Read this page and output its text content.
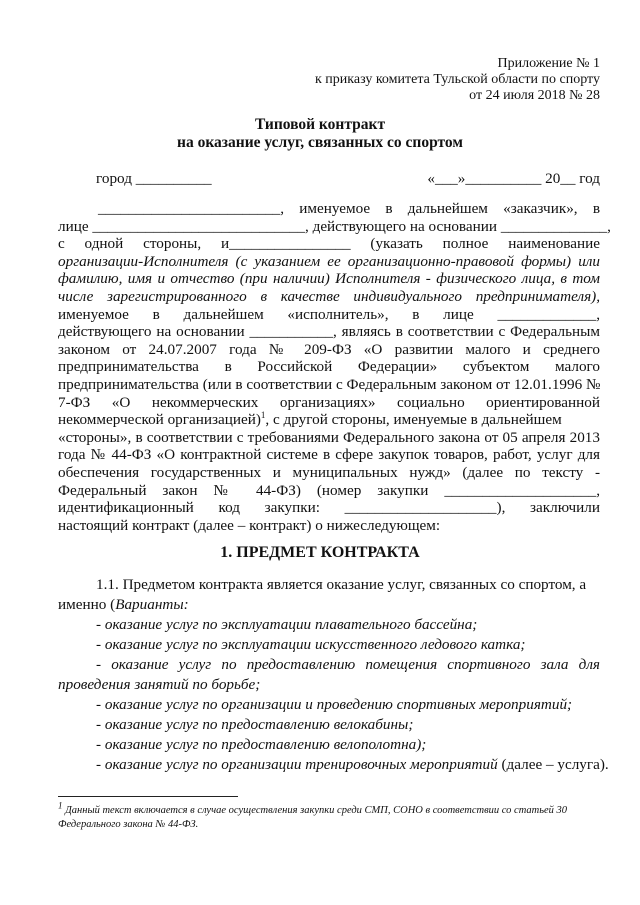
Приложение № 1
к приказу комитета Тульской области по спорту
от 24 июля 2018 № 28
Типовой контракт
на оказание услуг, связанных со спортом
город __________	«___»__________ 20__ год
________________________, именуемое в дальнейшем «заказчик», в
лице ____________________________, действующего на основании ______________,
с одной стороны, и________________ (указать полное наименование
организации-Исполнителя (с указанием ее организационно-правовой формы) или
фамилию, имя и отчество (при наличии) Исполнителя - физического лица, в том
числе зарегистрированного в качестве индивидуального предпринимателя),
именуемое в дальнейшем «исполнитель», в лице _____________,
действующего на основании ___________, являясь в соответствии с Федеральным
законом от 24.07.2007 года № 209-ФЗ «О развитии малого и среднего
предпринимательства в Российской Федерации» субъектом малого
предпринимательства (или в соответствии с Федеральным законом от 12.01.1996 №
7-ФЗ «О некоммерческих организациях» социально ориентированной
некоммерческой организацией)$^1$, с другой стороны, именуемые в дальнейшем
«стороны», в соответствии с требованиями Федерального закона от 05 апреля 2013
года № 44-ФЗ «О контрактной системе в сфере закупок товаров, работ, услуг для
обеспечения государственных и муниципальных нужд» (далее по тексту -
Федеральный закон № 44-ФЗ) (номер закупки ____________________,
идентификационный код закупки: ____________________), заключили
настоящий контракт (далее – контракт) о нижеследующем:
1. ПРЕДМЕТ КОНТРАКТА
1.1. Предметом контракта является оказание услуг, связанных со спортом, а
именно (Варианты:
- оказание услуг по эксплуатации плавательного бассейна;
- оказание услуг по эксплуатации искусственного ледового катка;
- оказание услуг по предоставлению помещения спортивного зала для
проведения занятий по борьбе;
- оказание услуг по организации и проведению спортивных мероприятий;
- оказание услуг по предоставлению велокабины;
- оказание услуг по предоставлению велополотна);
- оказание услуг по организации тренировочных мероприятий (далее – услуга).
$^1$ Данный текст включается в случае осуществления закупки среди СМП, СОНО в соответствии со статьей 30 Федерального закона № 44-ФЗ.
